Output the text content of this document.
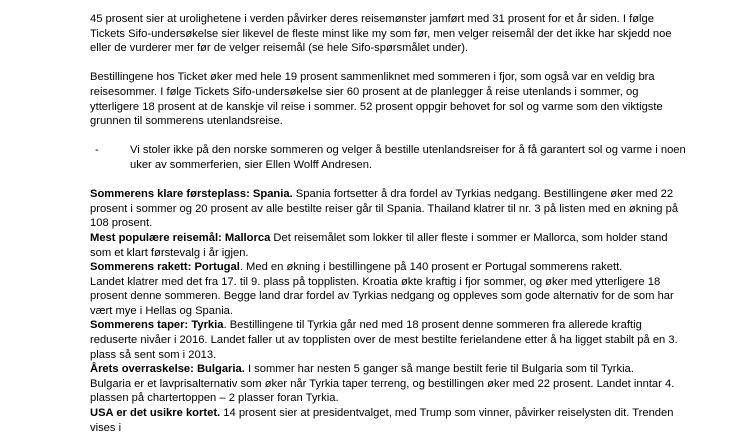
45 prosent sier at urolighetene i verden påvirker deres reisemønster jamført med 31 prosent for et år siden. I følge Tickets Sifo-undersøkelse sier likevel de fleste minst like my som før, men velger reisemål der det ikke har skjedd noe eller de vurderer mer før de velger reisemål (se hele Sifo-spørsmålet under).

Bestillingene hos Ticket øker med hele 19 prosent sammenliknet med sommeren i fjor, som også var en veldig bra reisesommer. I følge Tickets Sifo-undersøkelse sier 60 prosent at de planlegger å reise utenlands i sommer, og ytterligere 18 prosent at de kanskje vil reise i sommer. 52 prosent oppgir behovet for sol og varme som den viktigste grunnen til sommerens utenlandsreise.

-	Vi stoler ikke på den norske sommeren og velger å bestille utenlandsreiser for å få garantert sol og varme i noen uker av sommerferien, sier Ellen Wolff Andresen.

Sommerens klare førsteplass: Spania. Spania fortsetter å dra fordel av Tyrkias nedgang. Bestillingene øker med 22 prosent i sommer og 20 prosent av alle bestilte reiser går til Spania. Thailand klatrer til nr. 3 på listen med en økning på 108 prosent.

Mest populære reisemål: Mallorca Det reisemålet som lokker til aller fleste i sommer er Mallorca, som holder stand som et klart førstevalg i år igjen.

Sommerens rakett: Portugal. Med en økning i bestillingene på 140 prosent er Portugal sommerens rakett.

Landet klatrer med det fra 17. til 9. plass på topplisten. Kroatia økte kraftig i fjor sommer, og øker med ytterligere 18 prosent denne sommeren. Begge land drar fordel av Tyrkias nedgang og oppleves som gode alternativ for de som har vært mye i Hellas og Spania.

Sommerens taper: Tyrkia. Bestillingene til Tyrkia går ned med 18 prosent denne sommeren fra allerede kraftig reduserte nivåer i 2016. Landet faller ut av topplisten over de mest bestilte ferielandene etter å ha ligget stabilt på en 3. plass så sent som i 2013.

Årets overraskelse: Bulgaria. I sommer har nesten 5 ganger så mange bestilt ferie til Bulgaria som til Tyrkia.

Bulgaria er et lavprisalternativ som øker når Tyrkia taper terreng, og bestillingen øker med 22 prosent. Landet inntar 4. plassen på chartertoppen – 2 plasser foran Tyrkia.

USA er det usikre kortet. 14 prosent sier at presidentvalget, med Trump som vinner, påvirker reiselysten dit. Trenden vises i
